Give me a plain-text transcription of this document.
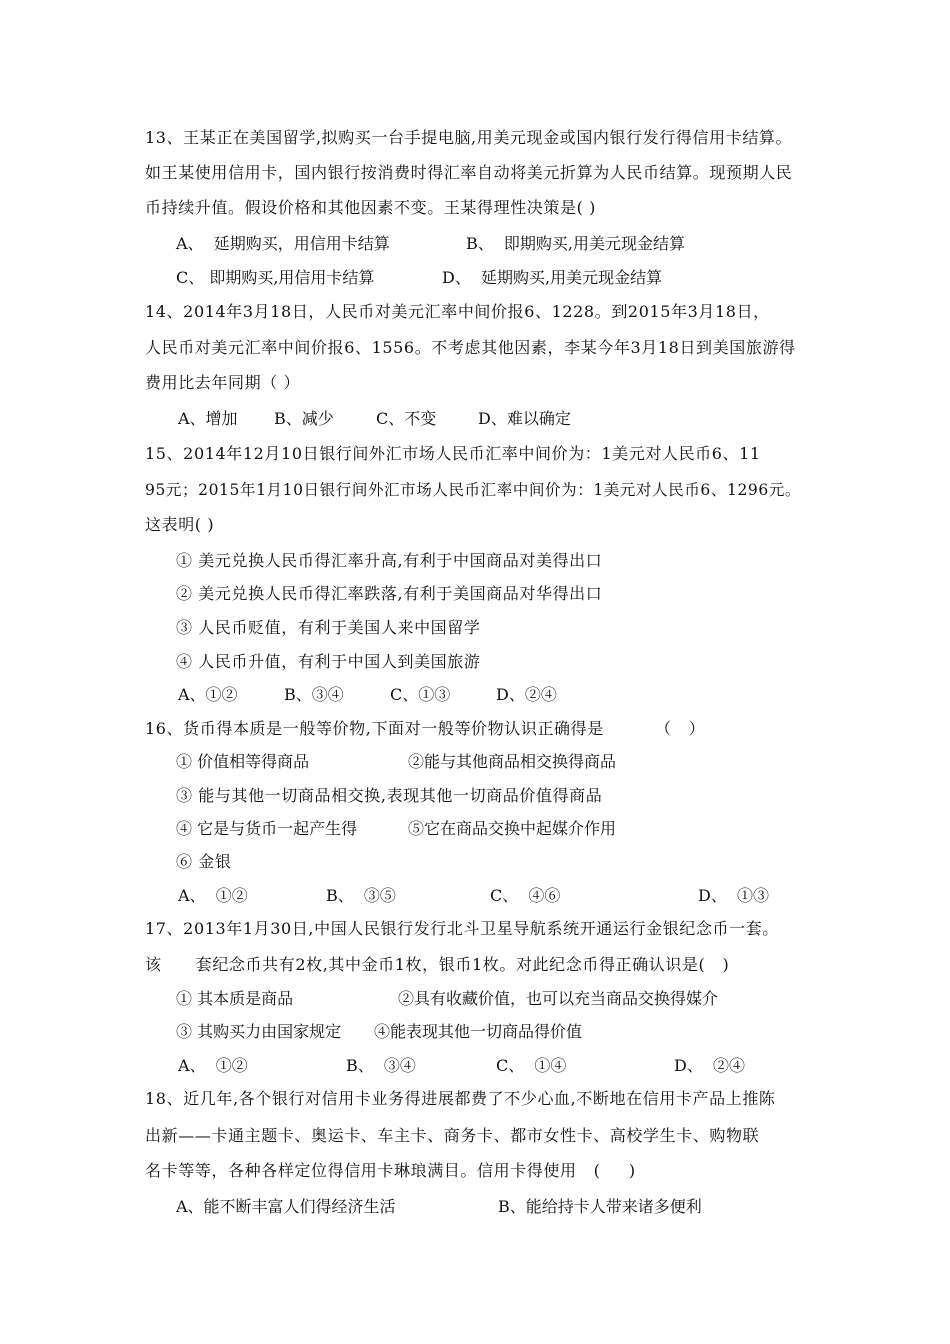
13、王某正在美国留学,拟购买一台手提电脑,用美元现金或国内银行发行得信用卡结算。
如王某使用信用卡，国内银行按消费时得汇率自动将美元折算为人民币结算。现预期人民
币持续升值。假设价格和其他因素不变。王某得理性决策是( )

A、  延期购买，用信用卡结算

	B、  即期购买,用美元现金结算

C、 即期购买,用信用卡结算

	D、  延期购买,用美元现金结算

14、2014年3月18日，人民币对美元汇率中间价报6、1228。到2015年3月18日，
人民币对美元汇率中间价报6、1556。不考虑其他因素，李某今年3月18日到美国旅游得
费用比去年同期（ ）

A、增加

B、减少

	C、不变

	D、难以确定

15、2014年12月10日银行间外汇市场人民币汇率中间价为：1美元对人民币6、11
95元；2015年1月10日银行间外汇市场人民币汇率中间价为：1美元对人民币6、1296元。
这表明( )
① 美元兑换人民币得汇率升高,有利于中国商品对美得出口
② 美元兑换人民币得汇率跌落,有利于美国商品对华得出口
③ 人民币贬值，有利于美国人来中国留学
④ 人民币升值，有利于中国人到美国旅游

A、①②

	B、③④

	C、①③

	D、②④

16、货币得本质是一般等价物,下面对一般等价物认识正确得是         （   ）

① 价值相等得商品

	②能与其他商品相交换得商品

③ 能与其他一切商品相交换,表现其他一切商品价值得商品

④ 它是与货币一起产生得

	⑤它在商品交换中起媒介作用

⑥ 金银

A、  ①②

	B、  ③⑤

	C、  ④⑥

	D、  ①③

17、2013年1月30日,中国人民银行发行北斗卫星导航系统开通运行金银纪念币一套。
该      套纪念币共有2枚,其中金币1枚，银币1枚。对此纪念币得正确认识是(   )

① 其本质是商品

	②具有收藏价值，也可以充当商品交换得媒介

③ 其购买力由国家规定

④能表现其他一切商品得价值

A、  ①②

	B、  ③④

	C、  ①④

	D、  ②④

18、近几年,各个银行对信用卡业务得进展都费了不少心血,不断地在信用卡产品上推陈
出新——卡通主题卡、奥运卡、车主卡、商务卡、都市女性卡、高校学生卡、购物联
名卡等等，各种各样定位得信用卡琳琅满目。信用卡得使用   (     )

A、能不断丰富人们得经济生活

	B、能给持卡人带来诸多便利
